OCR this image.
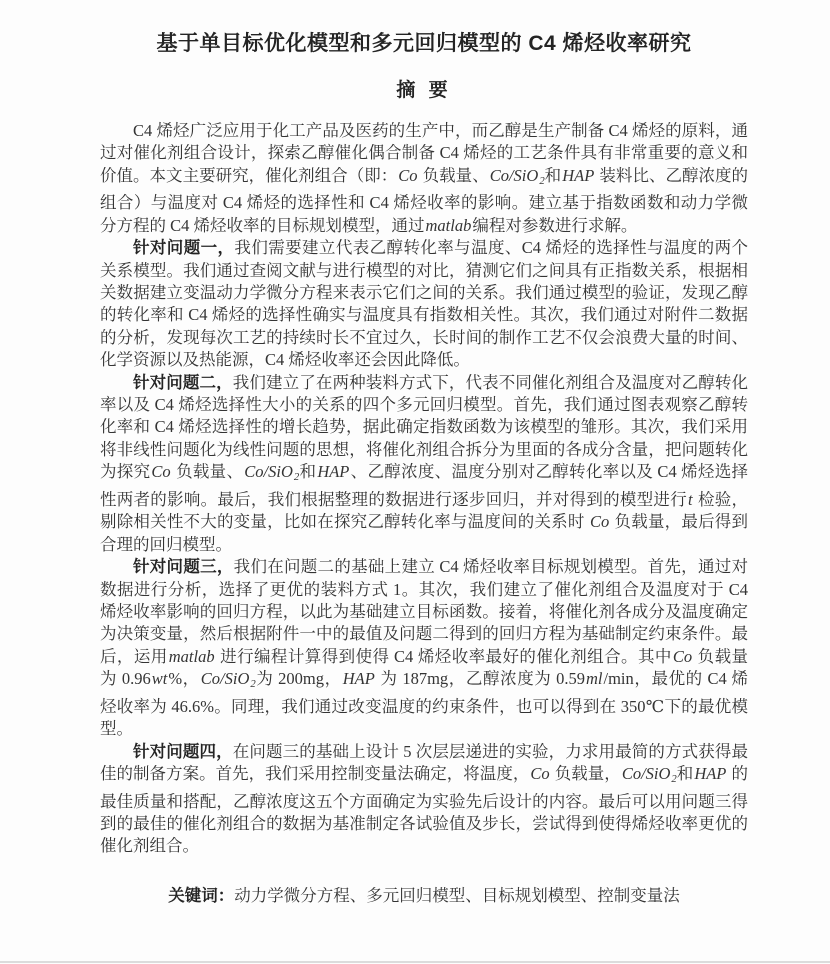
基于单目标优化模型和多元回归模型的 C4 烯烃收率研究
摘 要

C4 烯烃广泛应用于化工产品及医药的生产中，而乙醇是生产制备 C4 烯烃的原料，通过对催化剂组合设计，探索乙醇催化偶合制备 C4 烯烃的工艺条件具有非常重要的意义和价值。本文主要研究，催化剂组合（即：Co 负载量、Co/SiO2和HAP 装料比、乙醇浓度的组合）与温度对 C4 烯烃的选择性和 C4 烯烃收率的影响。建立基于指数函数和动力学微分方程的 C4 烯烃收率的目标规划模型，通过matlab编程对参数进行求解。

针对问题一，我们需要建立代表乙醇转化率与温度、C4 烯烃的选择性与温度的两个关系模型。我们通过查阅文献与进行模型的对比，猜测它们之间具有正指数关系，根据相关数据建立变温动力学微分方程来表示它们之间的关系。我们通过模型的验证，发现乙醇的转化率和 C4 烯烃的选择性确实与温度具有指数相关性。其次，我们通过对附件二数据的分析，发现每次工艺的持续时长不宜过久，长时间的制作工艺不仅会浪费大量的时间、化学资源以及热能源，C4 烯烃收率还会因此降低。

针对问题二，我们建立了在两种装料方式下，代表不同催化剂组合及温度对乙醇转化率以及 C4 烯烃选择性大小的关系的四个多元回归模型。首先，我们通过图表观察乙醇转化率和 C4 烯烃选择性的增长趋势，据此确定指数函数为该模型的雏形。其次，我们采用将非线性问题化为线性问题的思想，将催化剂组合拆分为里面的各成分含量，把问题转化为探究Co 负载量、Co/SiO2和HAP、乙醇浓度、温度分别对乙醇转化率以及 C4 烯烃选择性两者的影响。最后，我们根据整理的数据进行逐步回归，并对得到的模型进行t 检验，剔除相关性不大的变量，比如在探究乙醇转化率与温度间的关系时 Co 负载量，最后得到合理的回归模型。

针对问题三，我们在问题二的基础上建立 C4 烯烃收率目标规划模型。首先，通过对数据进行分析，选择了更优的装料方式 1。其次，我们建立了催化剂组合及温度对于 C4 烯烃收率影响的回归方程，以此为基础建立目标函数。接着，将催化剂各成分及温度确定为决策变量，然后根据附件一中的最值及问题二得到的回归方程为基础制定约束条件。最后，运用matlab 进行编程计算得到使得 C4 烯烃收率最好的催化剂组合。其中Co 负载量为 0.96wt%，Co/SiO2为 200mg，HAP 为 187mg，乙醇浓度为 0.59ml/min，最优的 C4 烯烃收率为 46.6%。同理，我们通过改变温度的约束条件，也可以得到在 350℃下的最优模型。

针对问题四，在问题三的基础上设计 5 次层层递进的实验，力求用最简的方式获得最佳的制备方案。首先，我们采用控制变量法确定，将温度，Co 负载量，Co/SiO2和HAP 的最佳质量和搭配，乙醇浓度这五个方面确定为实验先后设计的内容。最后可以用问题三得到的最佳的催化剂组合的数据为基准制定各试验值及步长，尝试得到使得烯烃收率更优的催化剂组合。

关键词：动力学微分方程、多元回归模型、目标规划模型、控制变量法
